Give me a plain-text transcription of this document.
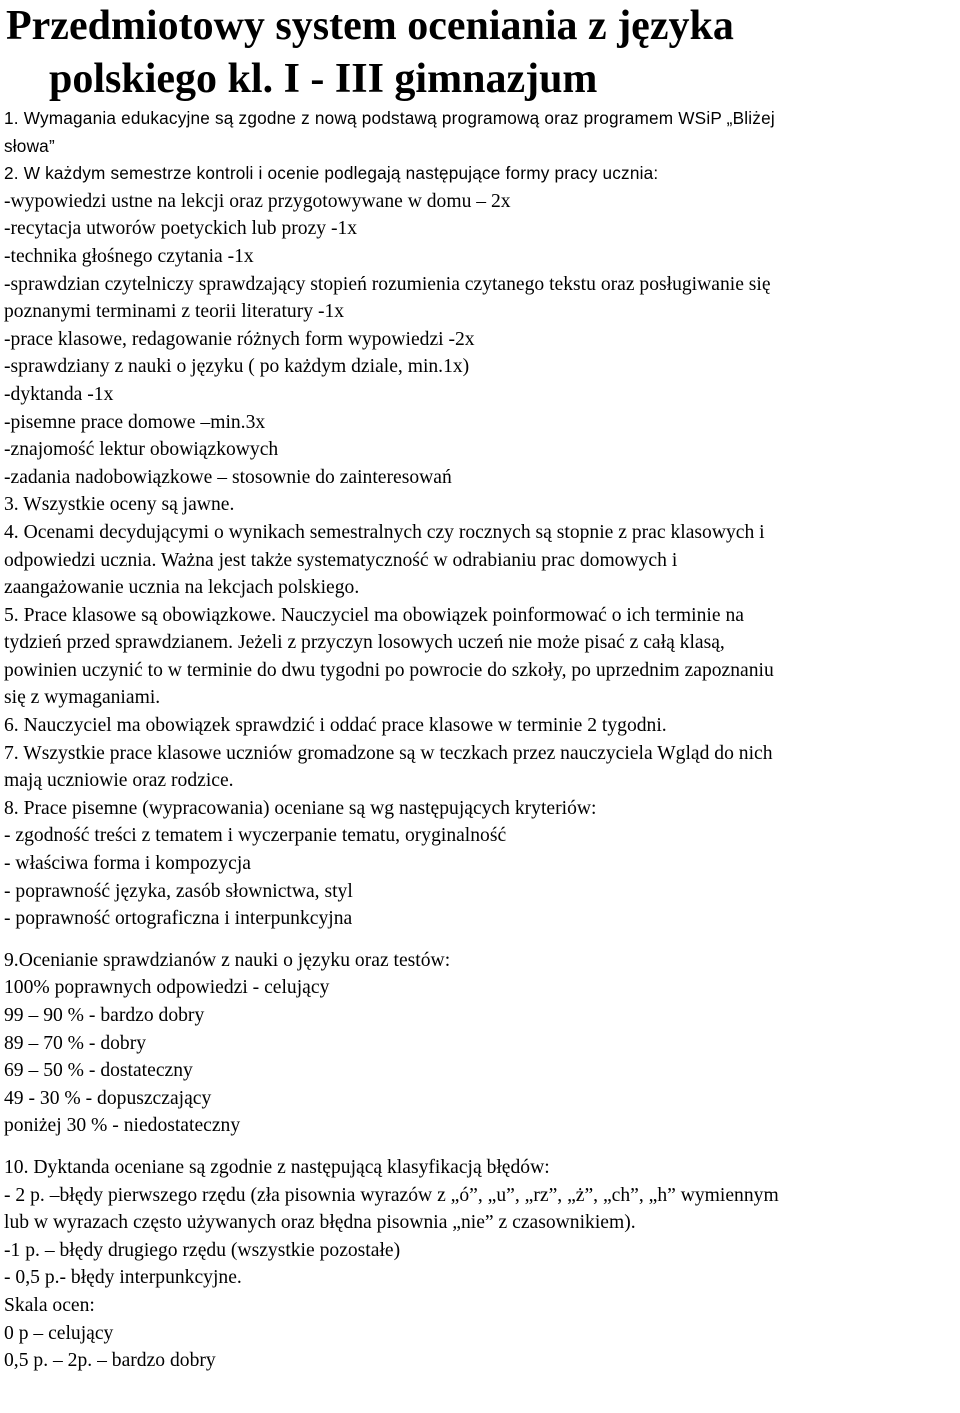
Przedmiotowy system oceniania z języka
polskiego kl. I - III gimnazjum
1. Wymagania edukacyjne są zgodne z nową podstawą programową oraz programem WSiP „Bliżej
słowa”
2. W każdym semestrze kontroli i ocenie podlegają następujące formy pracy ucznia:
-wypowiedzi ustne na lekcji oraz przygotowywane w domu – 2x
-recytacja utworów poetyckich lub prozy -1x
-technika głośnego czytania -1x
-sprawdzian czytelniczy sprawdzający stopień rozumienia czytanego tekstu oraz posługiwanie się
poznanymi terminami z teorii literatury -1x
-prace klasowe, redagowanie różnych form wypowiedzi -2x
-sprawdziany z nauki o języku ( po każdym dziale, min.1x)
-dyktanda -1x
-pisemne prace domowe –min.3x
-znajomość lektur obowiązkowych
-zadania nadobowiązkowe – stosownie do zainteresowań
3. Wszystkie oceny są jawne.
4. Ocenami decydującymi o wynikach semestralnych czy rocznych są stopnie z prac klasowych i
odpowiedzi ucznia. Ważna jest także systematyczność w odrabianiu prac domowych i
zaangażowanie ucznia na lekcjach polskiego.
5. Prace klasowe są obowiązkowe. Nauczyciel ma obowiązek poinformować o ich terminie na
tydzień przed sprawdzianem. Jeżeli z przyczyn losowych uczeń nie może pisać z całą klasą,
powinien uczynić to w terminie do dwu tygodni po powrocie do szkoły, po uprzednim zapoznaniu
się z wymaganiami.
6. Nauczyciel ma obowiązek sprawdzić i oddać prace klasowe w terminie 2 tygodni.
7. Wszystkie prace klasowe uczniów gromadzone są w teczkach przez nauczyciela Wgląd do nich
mają uczniowie oraz rodzice.
8. Prace pisemne (wypracowania) oceniane są wg następujących kryteriów:
- zgodność treści z tematem i wyczerpanie tematu, oryginalność
- właściwa forma i kompozycja
- poprawność języka, zasób słownictwa, styl
- poprawność ortograficzna i interpunkcyjna
9.Ocenianie sprawdzianów z nauki o języku oraz testów:
100% poprawnych odpowiedzi - celujący
99 – 90 % - bardzo dobry
89 – 70 % - dobry
69 – 50 % - dostateczny
49 - 30 % - dopuszczający
poniżej 30 % - niedostateczny
10. Dyktanda oceniane są zgodnie z następującą klasyfikacją błędów:
- 2 p. –błędy pierwszego rzędu (zła pisownia wyrazów z „ó”, „u”, „rz”, „ż”, „ch”, „h” wymiennym
lub w wyrazach często używanych oraz błędna pisownia „nie” z czasownikiem).
-1 p. – błędy drugiego rzędu (wszystkie pozostałe)
- 0,5 p.- błędy interpunkcyjne.
Skala ocen:
0 p – celujący
0,5 p. – 2p. – bardzo dobry
